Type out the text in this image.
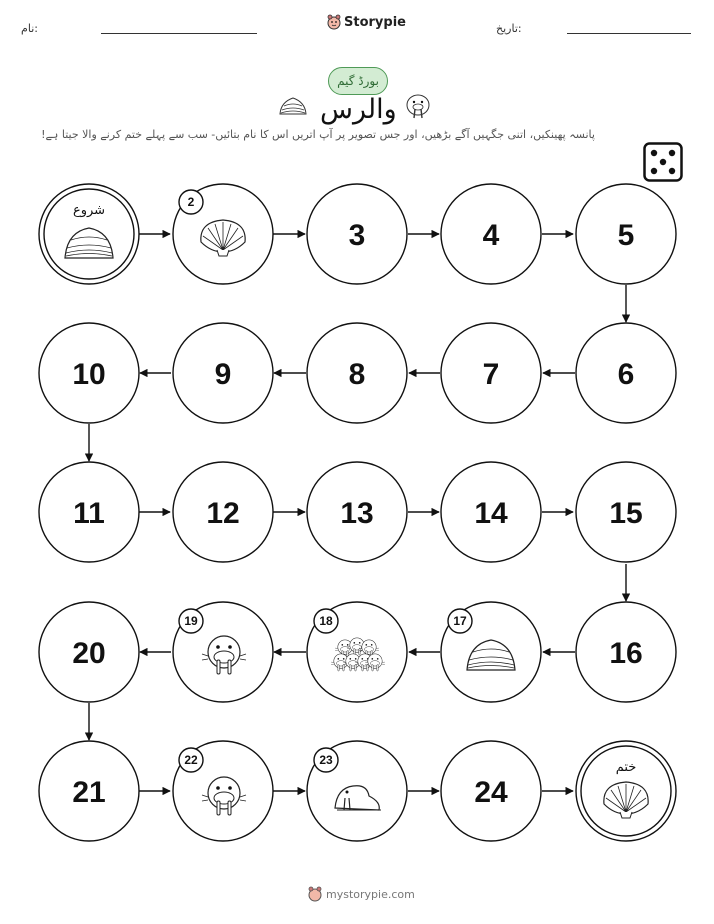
نام:	Storypie	تاریخ:
بورڈ گیم
والرس
پانسہ پھینکیں، اتنی جگہیں آگے بڑھیں، اور جس تصویر پر آپ اتریں اس کا نام بتائیں- سب سے پہلے ختم کرنے والا جیتا ہے!
شروع
2
3	4	5
6
7
8
9
10
11	12	13	14	15
16
17
18
19
20
21
22	23
24
ختم
mystorypie.com
